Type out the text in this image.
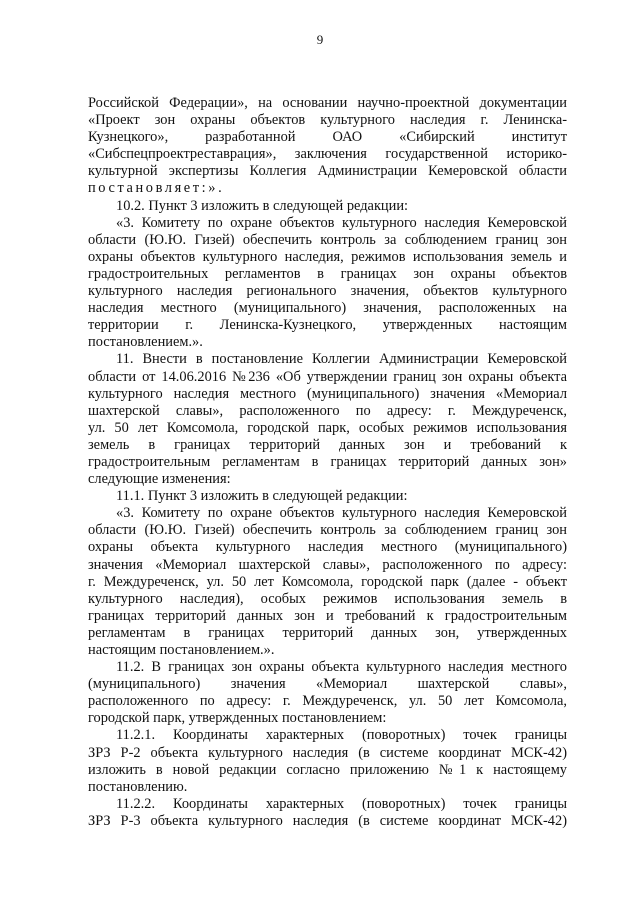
9
Российской Федерации», на основании научно-проектной документации
«Проект зон охраны объектов культурного наследия г. Ленинска-
Кузнецкого», разработанной ОАО «Сибирский институт
«Сибспецпроектреставрация», заключения государственной историко-
культурной экспертизы Коллегия Администрации Кемеровской области
постановляет:».
10.2. Пункт 3 изложить в следующей редакции:
«3. Комитету по охране объектов культурного наследия Кемеровской
области (Ю.Ю. Гизей) обеспечить контроль за соблюдением границ зон
охраны объектов культурного наследия, режимов использования земель и
градостроительных регламентов в границах зон охраны объектов
культурного наследия регионального значения, объектов культурного
наследия местного (муниципального) значения, расположенных на
территории г. Ленинска-Кузнецкого, утвержденных настоящим
постановлением.».
11. Внести в постановление Коллегии Администрации Кемеровской
области от 14.06.2016 №236 «Об утверждении границ зон охраны объекта
культурного наследия местного (муниципального) значения «Мемориал
шахтерской славы», расположенного по адресу: г. Междуреченск,
ул. 50 лет Комсомола, городской парк, особых режимов использования
земель в границах территорий данных зон и требований к
градостроительным регламентам в границах территорий данных зон»
следующие изменения:
11.1. Пункт 3 изложить в следующей редакции:
«3. Комитету по охране объектов культурного наследия Кемеровской
области (Ю.Ю. Гизей) обеспечить контроль за соблюдением границ зон
охраны объекта культурного наследия местного (муниципального)
значения «Мемориал шахтерской славы», расположенного по адресу:
г. Междуреченск, ул. 50 лет Комсомола, городской парк (далее - объект
культурного наследия), особых режимов использования земель в
границах территорий данных зон и требований к градостроительным
регламентам в границах территорий данных зон, утвержденных
настоящим постановлением.».
11.2. В границах зон охраны объекта культурного наследия местного
(муниципального) значения «Мемориал шахтерской славы»,
расположенного по адресу: г. Междуреченск, ул. 50 лет Комсомола,
городской парк, утвержденных постановлением:
11.2.1. Координаты характерных (поворотных) точек границы
ЗРЗ Р-2 объекта культурного наследия (в системе координат МСК-42)
изложить в новой редакции согласно приложению №1 к настоящему
постановлению.
11.2.2. Координаты характерных (поворотных) точек границы
ЗРЗ Р-3 объекта культурного наследия (в системе координат МСК-42)
